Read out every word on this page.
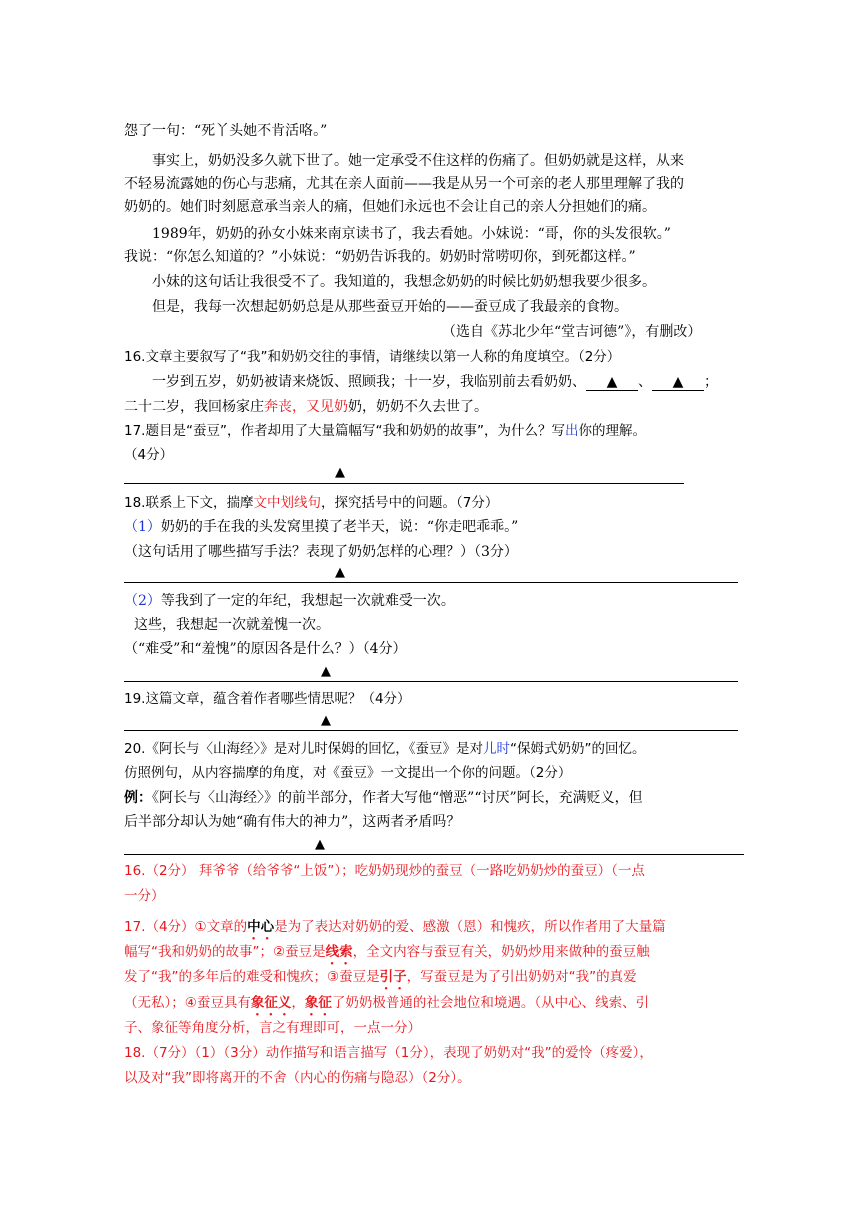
怨了一句：“死丫头她不肯活咯。”
事实上，奶奶没多久就下世了。她一定承受不住这样的伤痛了。但奶奶就是这样，从来
不轻易流露她的伤心与悲痛，尤其在亲人面前——我是从另一个可亲的老人那里理解了我的
奶奶的。她们时刻愿意承当亲人的痛，但她们永远也不会让自己的亲人分担她们的痛。
1989年，奶奶的孙女小妹来南京读书了，我去看她。小妹说：“哥，你的头发很软。”
我说：“你怎么知道的？”小妹说：“奶奶告诉我的。奶奶时常唠叨你，到死都这样。”
小妹的这句话让我很受不了。我知道的，我想念奶奶的时候比奶奶想我要少很多。
但是，我每一次想起奶奶总是从那些蚕豆开始的——蚕豆成了我最亲的食物。
（选自《苏北少年“堂吉诃德”》，有删改）
16.文章主要叙写了“我”和奶奶交往的事情，请继续以第一人称的角度填空。（2分）
一岁到五岁，奶奶被请来烧饭、照顾我；十一岁，我临别前去看奶奶、 ▲ 、 ▲ ；
二十二岁，我回杨家庄奔丧，又见奶奶，奶奶不久去世了。
17.题目是“蚕豆”，作者却用了大量篇幅写“我和奶奶的故事”，为什么？写出你的理解。
（4分）
▲
18.联系上下文，揣摩文中划线句，探究括号中的问题。（7分）
（1）奶奶的手在我的头发窝里摸了老半天，说：“你走吧乖乖。”
（这句话用了哪些描写手法？表现了奶奶怎样的心理？）（3分）
▲
（2）等我到了一定的年纪，我想起一次就难受一次。
这些，我想起一次就羞愧一次。
（“难受”和“羞愧”的原因各是什么？）（4分）
▲
19.这篇文章，蕴含着作者哪些情思呢？（4分）
▲
20.《阿长与〈山海经〉》是对儿时保姆的回忆，《蚕豆》是对儿时“保姆式奶奶”的回忆。
仿照例句，从内容揣摩的角度，对《蚕豆》一文提出一个你的问题。（2分）
例：《阿长与〈山海经〉》的前半部分，作者大写他“憎恶”“讨厌”阿长，充满贬义，但
后半部分却认为她“确有伟大的神力”，这两者矛盾吗？
▲
16.（2分） 拜爷爷（给爷爷“上饭”）；吃奶奶现炒的蚕豆（一路吃奶奶炒的蚕豆）（一点
一分）
17.（4分）①文章的中心是为了表达对奶奶的爱、感激（恩）和愧疚，所以作者用了大量篇
幅写“我和奶奶的故事”；②蚕豆是线索，全文内容与蚕豆有关，奶奶炒用来做种的蚕豆触
发了“我”的多年后的难受和愧疚；③蚕豆是引子，写蚕豆是为了引出奶奶对“我”的真爱
（无私）；④蚕豆具有象征义，象征了奶奶极普通的社会地位和境遇。（从中心、线索、引
子、象征等角度分析，言之有理即可，一点一分）
18.（7分）（1）（3分）动作描写和语言描写（1分），表现了奶奶对“我”的爱怜（疼爱），
以及对“我”即将离开的不舍（内心的伤痛与隐忍）（2分）。
